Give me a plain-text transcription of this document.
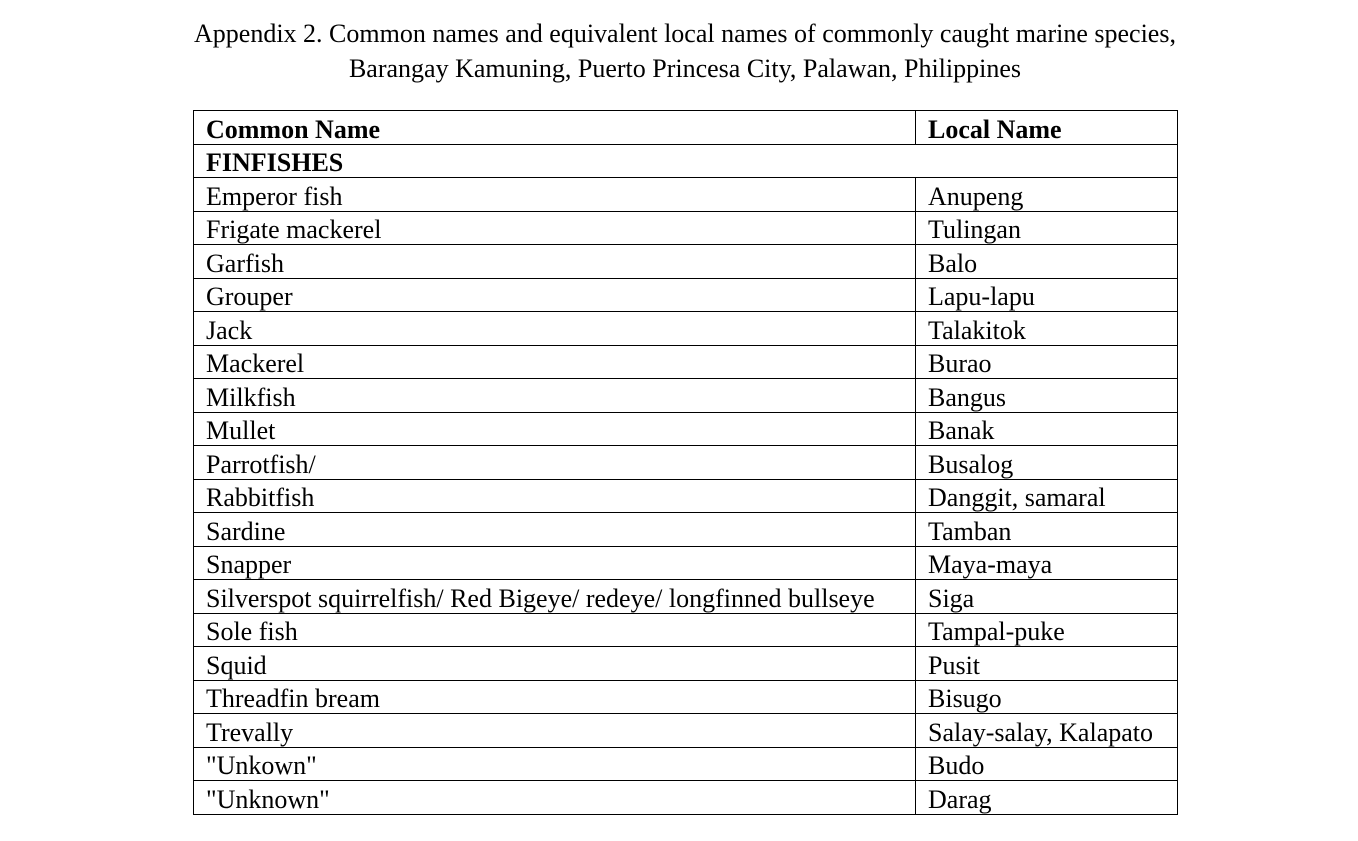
Appendix 2. Common names and equivalent local names of commonly caught marine species,
Barangay Kamuning, Puerto Princesa City, Palawan, Philippines
Common Name	Local Name
FINFISHES	
Emperor fish	Anupeng
Frigate mackerel	Tulingan
Garfish	Balo
Grouper	Lapu-lapu
Jack	Talakitok
Mackerel	Burao
Milkfish	Bangus
Mullet	Banak
Parrotfish/	Busalog
Rabbitfish	Danggit, samaral
Sardine	Tamban
Snapper	Maya-maya
Silverspot squirrelfish/ Red Bigeye/ redeye/ longfinned bullseye	Siga
Sole fish	Tampal-puke
Squid	Pusit
Threadfin bream	Bisugo
Trevally	Salay-salay, Kalapato
"Unkown"	Budo
"Unknown"	Darag
